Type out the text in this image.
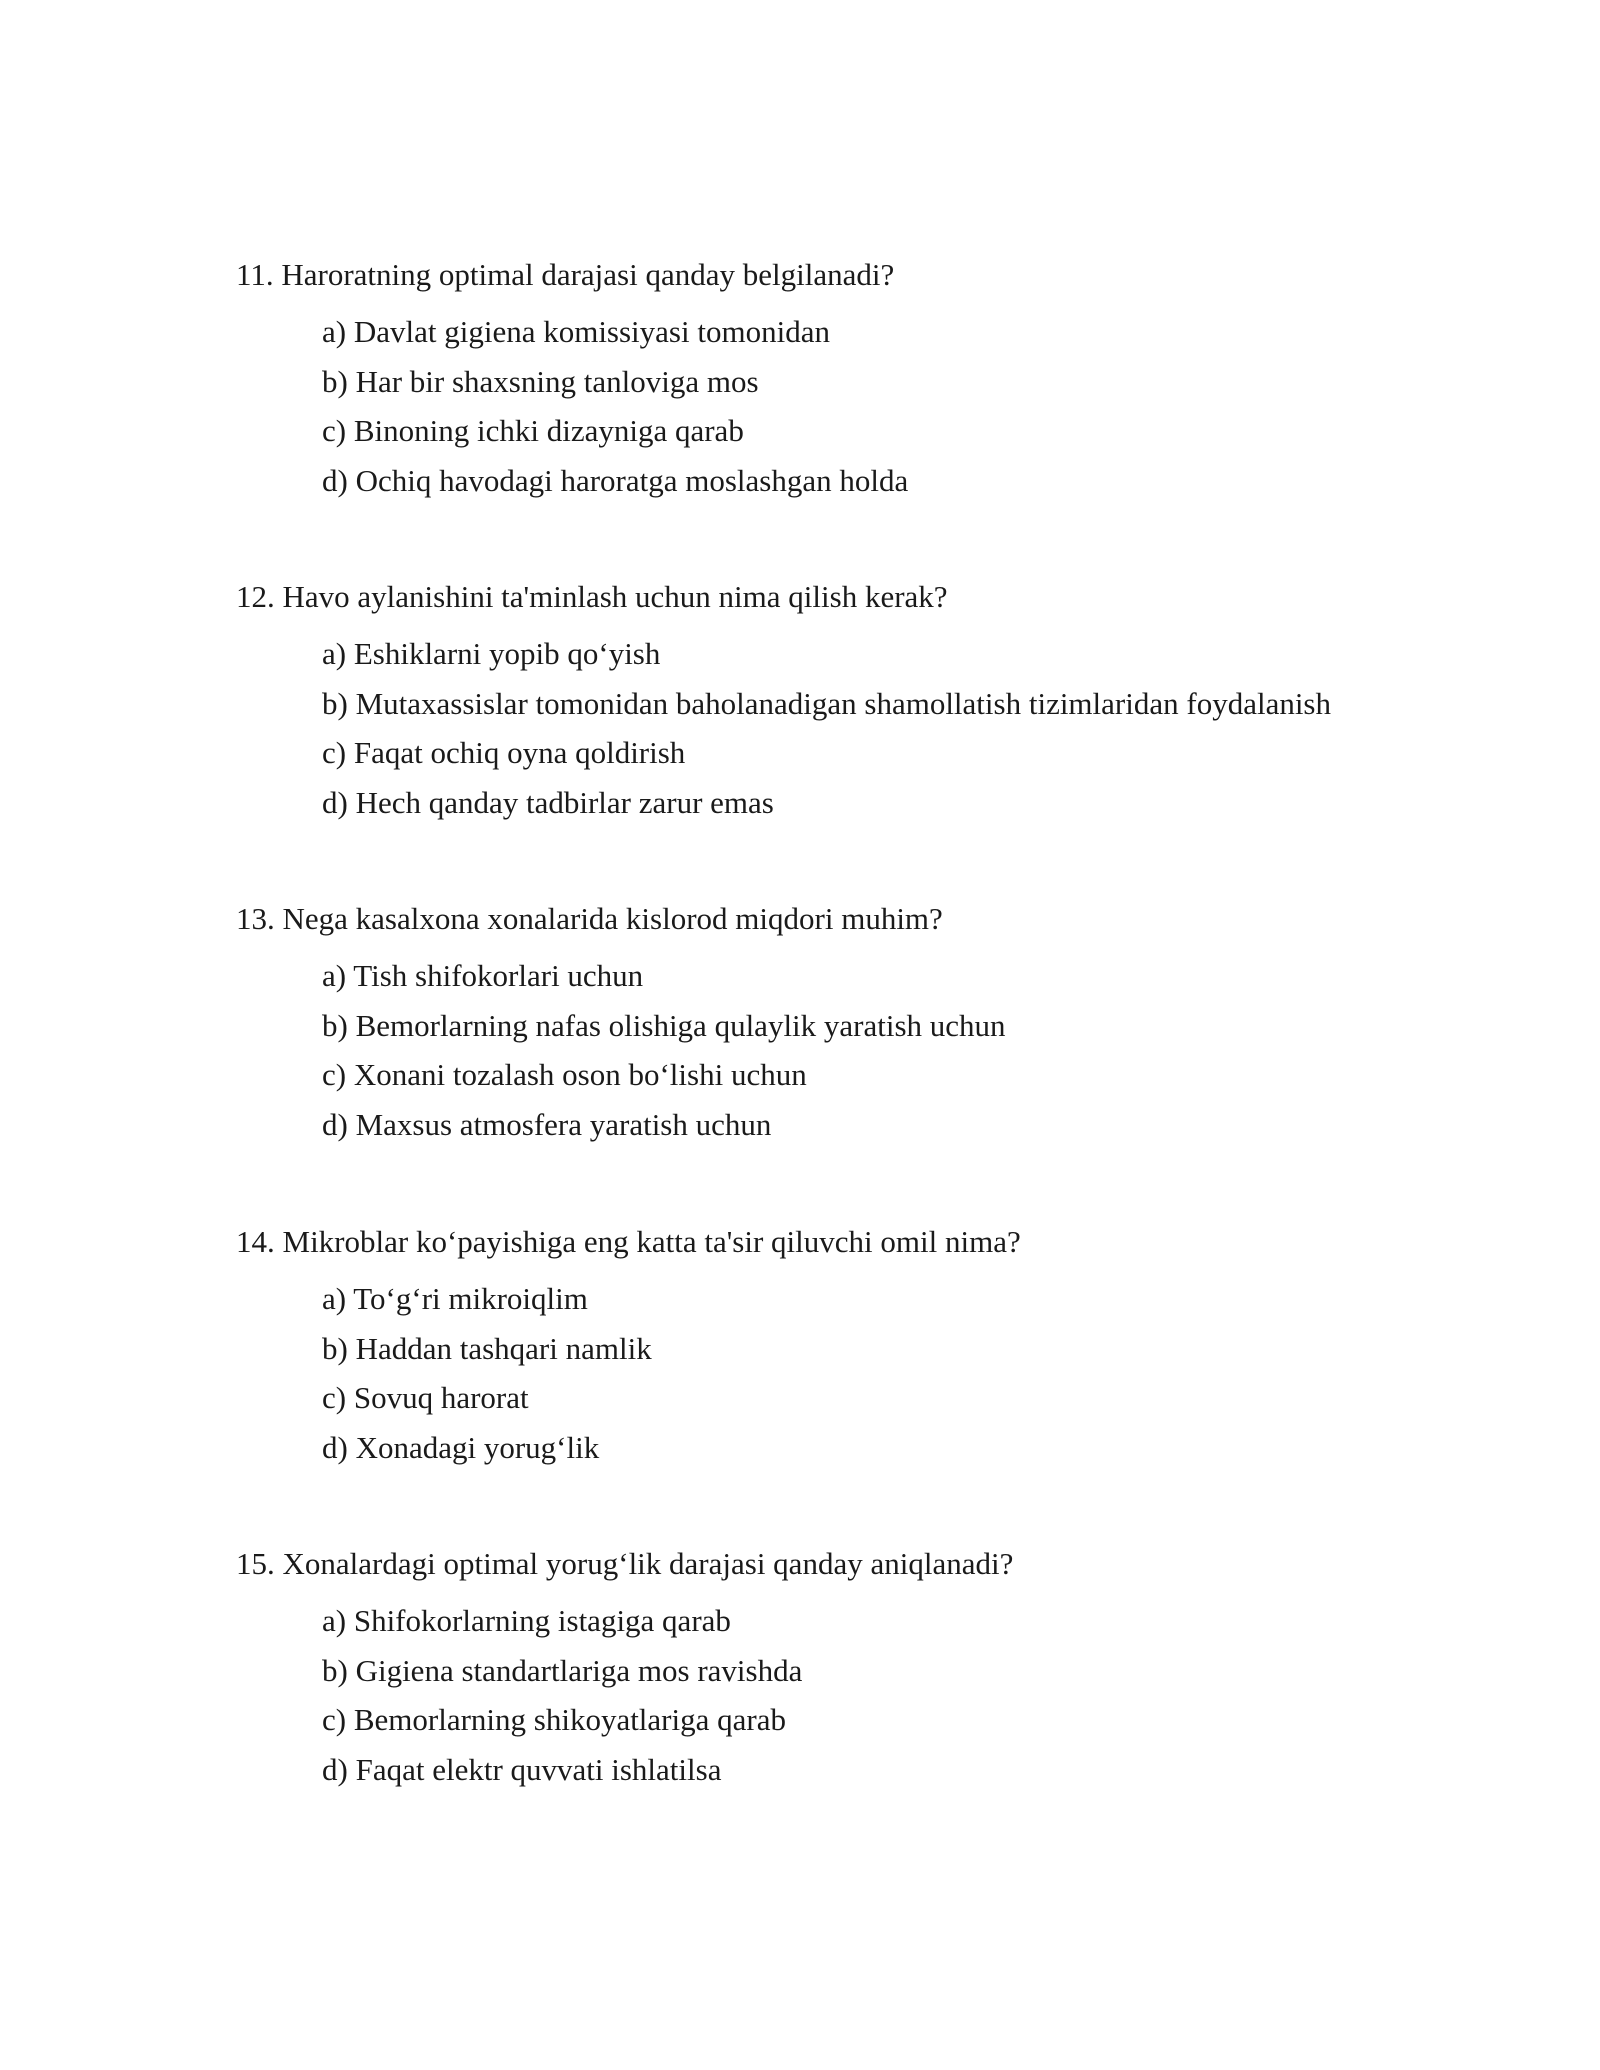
11. Haroratning optimal darajasi qanday belgilanadi?

a) Davlat gigiena komissiyasi tomonidan
b) Har bir shaxsning tanloviga mos
c) Binoning ichki dizayniga qarab
d) Ochiq havodagi haroratga moslashgan holda

12. Havo aylanishini ta'minlash uchun nima qilish kerak?

a) Eshiklarni yopib qo‘yish
b) Mutaxassislar tomonidan baholanadigan shamollatish tizimlaridan foydalanish
c) Faqat ochiq oyna qoldirish
d) Hech qanday tadbirlar zarur emas

13. Nega kasalxona xonalarida kislorod miqdori muhim?

a) Tish shifokorlari uchun
b) Bemorlarning nafas olishiga qulaylik yaratish uchun
c) Xonani tozalash oson bo‘lishi uchun
d) Maxsus atmosfera yaratish uchun

14. Mikroblar ko‘payishiga eng katta ta'sir qiluvchi omil nima?

a) To‘g‘ri mikroiqlim
b) Haddan tashqari namlik
c) Sovuq harorat
d) Xonadagi yorug‘lik

15. Xonalardagi optimal yorug‘lik darajasi qanday aniqlanadi?

a) Shifokorlarning istagiga qarab
b) Gigiena standartlariga mos ravishda
c) Bemorlarning shikoyatlariga qarab
d) Faqat elektr quvvati ishlatilsa
